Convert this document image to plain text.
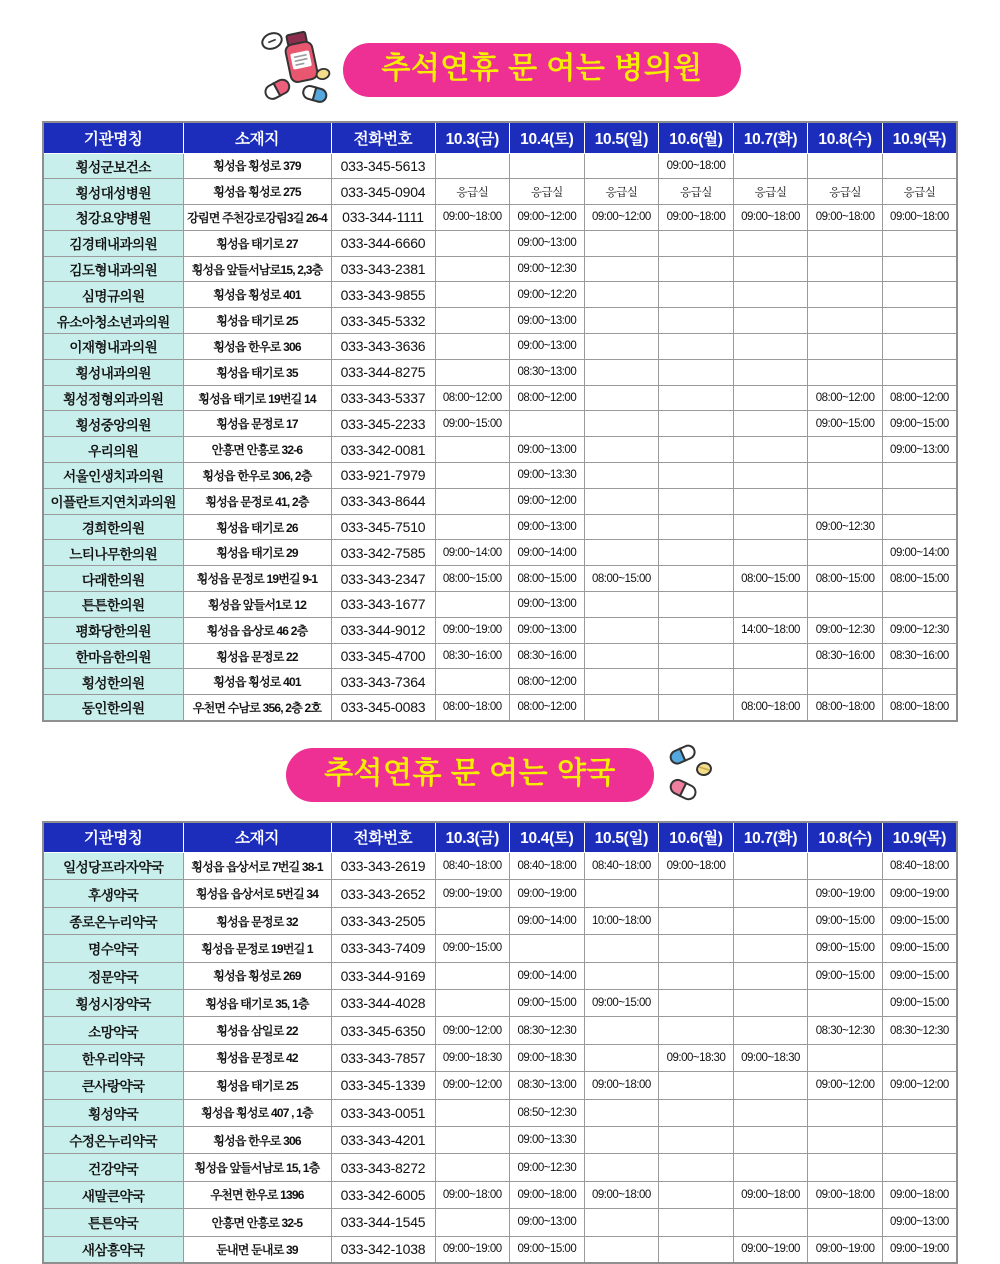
추석연휴 문 여는 병의원
기관명칭	소재지	전화번호	10.3(금)	10.4(토)	10.5(일)	10.6(월)	10.7(화)	10.8(수)	10.9(목)
횡성군보건소	횡성읍 횡성로 379	033-345-5613				09:00~18:00			
횡성대성병원	횡성읍 횡성로 275	033-345-0904	응급실	응급실	응급실	응급실	응급실	응급실	응급실
청강요양병원	강림면 주천강로강림3길 26-4	033-344-1111	09:00~18:00	09:00~12:00	09:00~12:00	09:00~18:00	09:00~18:00	09:00~18:00	09:00~18:00
김경태내과의원	횡성읍 태기로 27	033-344-6660		09:00~13:00					
김도형내과의원	횡성읍 앞들서남로15, 2,3층	033-343-2381		09:00~12:30					
심명규의원	횡성읍 횡성로 401	033-343-9855		09:00~12:20					
유소아청소년과의원	횡성읍 태기로 25	033-345-5332		09:00~13:00					
이재형내과의원	횡성읍 한우로 306	033-343-3636		09:00~13:00					
횡성내과의원	횡성읍 태기로 35	033-344-8275		08:30~13:00					
횡성정형외과의원	횡성읍 태기로 19번길 14	033-343-5337	08:00~12:00	08:00~12:00				08:00~12:00	08:00~12:00
횡성중앙의원	횡성읍 문정로 17	033-345-2233	09:00~15:00					09:00~15:00	09:00~15:00
우리의원	안흥면 안흥로 32-6	033-342-0081		09:00~13:00					09:00~13:00
서울인생치과의원	횡성읍 한우로 306, 2층	033-921-7979		09:00~13:30					
이플란트지연치과의원	횡성읍 문정로 41, 2층	033-343-8644		09:00~12:00					
경희한의원	횡성읍 태기로 26	033-345-7510		09:00~13:00				09:00~12:30	
느티나무한의원	횡성읍 태기로 29	033-342-7585	09:00~14:00	09:00~14:00					09:00~14:00
다래한의원	횡성읍 문정로 19번길 9-1	033-343-2347	08:00~15:00	08:00~15:00	08:00~15:00		08:00~15:00	08:00~15:00	08:00~15:00
튼튼한의원	횡성읍 앞들서1로 12	033-343-1677		09:00~13:00					
평화당한의원	횡성읍 읍상로 46 2층	033-344-9012	09:00~19:00	09:00~13:00			14:00~18:00	09:00~12:30	09:00~12:30
한마음한의원	횡성읍 문정로 22	033-345-4700	08:30~16:00	08:30~16:00				08:30~16:00	08:30~16:00
횡성한의원	횡성읍 횡성로 401	033-343-7364		08:00~12:00					
동인한의원	우천면 수남로 356, 2층 2호	033-345-0083	08:00~18:00	08:00~12:00			08:00~18:00	08:00~18:00	08:00~18:00
추석연휴 문 여는 약국
기관명칭	소재지	전화번호	10.3(금)	10.4(토)	10.5(일)	10.6(월)	10.7(화)	10.8(수)	10.9(목)
일성당프라자약국	횡성읍 읍상서로 7번길 38-1	033-343-2619	08:40~18:00	08:40~18:00	08:40~18:00	09:00~18:00			08:40~18:00
후생약국	횡성읍 읍상서로 5번길 34	033-343-2652	09:00~19:00	09:00~19:00				09:00~19:00	09:00~19:00
종로온누리약국	횡성읍 문정로 32	033-343-2505		09:00~14:00	10:00~18:00			09:00~15:00	09:00~15:00
명수약국	횡성읍 문정로 19번길 1	033-343-7409	09:00~15:00					09:00~15:00	09:00~15:00
정문약국	횡성읍 횡성로 269	033-344-9169		09:00~14:00				09:00~15:00	09:00~15:00
횡성시장약국	횡성읍 태기로 35, 1층	033-344-4028		09:00~15:00	09:00~15:00				09:00~15:00
소망약국	횡성읍 삼일로 22	033-345-6350	09:00~12:00	08:30~12:30				08:30~12:30	08:30~12:30
한우리약국	횡성읍 문정로 42	033-343-7857	09:00~18:30	09:00~18:30		09:00~18:30	09:00~18:30		
큰사랑약국	횡성읍 태기로 25	033-345-1339	09:00~12:00	08:30~13:00	09:00~18:00			09:00~12:00	09:00~12:00
횡성약국	횡성읍 횡성로 407 , 1층	033-343-0051		08:50~12:30					
수정온누리약국	횡성읍 한우로 306	033-343-4201		09:00~13:30					
건강약국	횡성읍 앞들서남로 15, 1층	033-343-8272		09:00~12:30					
새말큰약국	우천면 한우로 1396	033-342-6005	09:00~18:00	09:00~18:00	09:00~18:00		09:00~18:00	09:00~18:00	09:00~18:00
튼튼약국	안흥면 안흥로 32-5	033-344-1545		09:00~13:00					09:00~13:00
새삼흥약국	둔내면 둔내로 39	033-342-1038	09:00~19:00	09:00~15:00			09:00~19:00	09:00~19:00	09:00~19:00
